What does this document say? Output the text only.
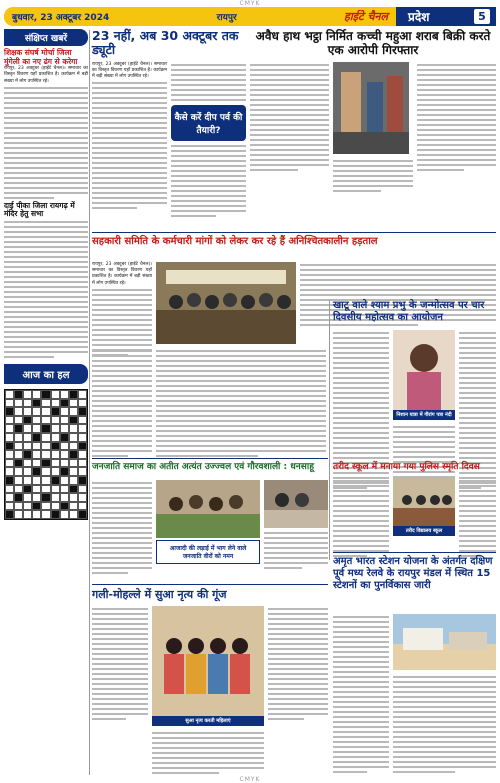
CMYK
बुधवार, 23 अक्टूबर 2024	रायपुर	हाईटे चैनल प्रदेश	5
संक्षिप्त खबरें
शिक्षक संघर्ष मोर्चा जिला मुंगेली का नए ढंग से करेगा
रायपुर, 23 अक्टूबर (हाईटे चैनल)। समाचार का विस्तृत विवरण यहाँ प्रकाशित है। कार्यक्रम में बड़ी संख्या में लोग उपस्थित रहे।
दाई पीका जिला रायगढ़ में मंदिर हेतु सभा
आज का हल
23 नहीं, अब 30 अक्टूबर तक ड्यूटी
रायपुर, 23 अक्टूबर (हाईटे चैनल)। समाचार का विस्तृत विवरण यहाँ प्रकाशित है। कार्यक्रम में बड़ी संख्या में लोग उपस्थित रहे।
कैसे करें दीप पर्व की तैयारी?
अवैध हाथ भट्ठा निर्मित कच्ची महुआ शराब बिक्री करते एक आरोपी गिरफ्तार
सहकारी समिति के कर्मचारी मांगों को लेकर कर रहे हैं अनिश्चितकालीन हड़ताल
रायपुर, 23 अक्टूबर (हाईटे चैनल)। समाचार का विस्तृत विवरण यहाँ प्रकाशित है। कार्यक्रम में बड़ी संख्या में लोग उपस्थित रहे।
खाटू वाले श्याम प्रभु के जन्मोत्सव पर चार दिवसीय महोत्सव का आयोजन
निशान यात्रा में गौरांग पत्रा नंदी
जनजाति समाज का अतीत अत्यंत उज्ज्वल एवं गौरवशाली : धनसाहू
आजादी की लड़ाई में भाग लेने वाले जनजाति वीरों को नमन
तरीद स्कूल में मनाया गया पुलिस स्मृति दिवस
तरीद विद्यालय स्कूल
गली-मोहल्ले में सुआ नृत्य की गूंज
सुआ नृत्य करती महिलाएं
अमृत भारत स्टेशन योजना के अंतर्गत दक्षिण पूर्व मध्य रेलवे के रायपुर मंडल में स्थित 15 स्टेशनों का पुनर्विकास जारी
CMYK
